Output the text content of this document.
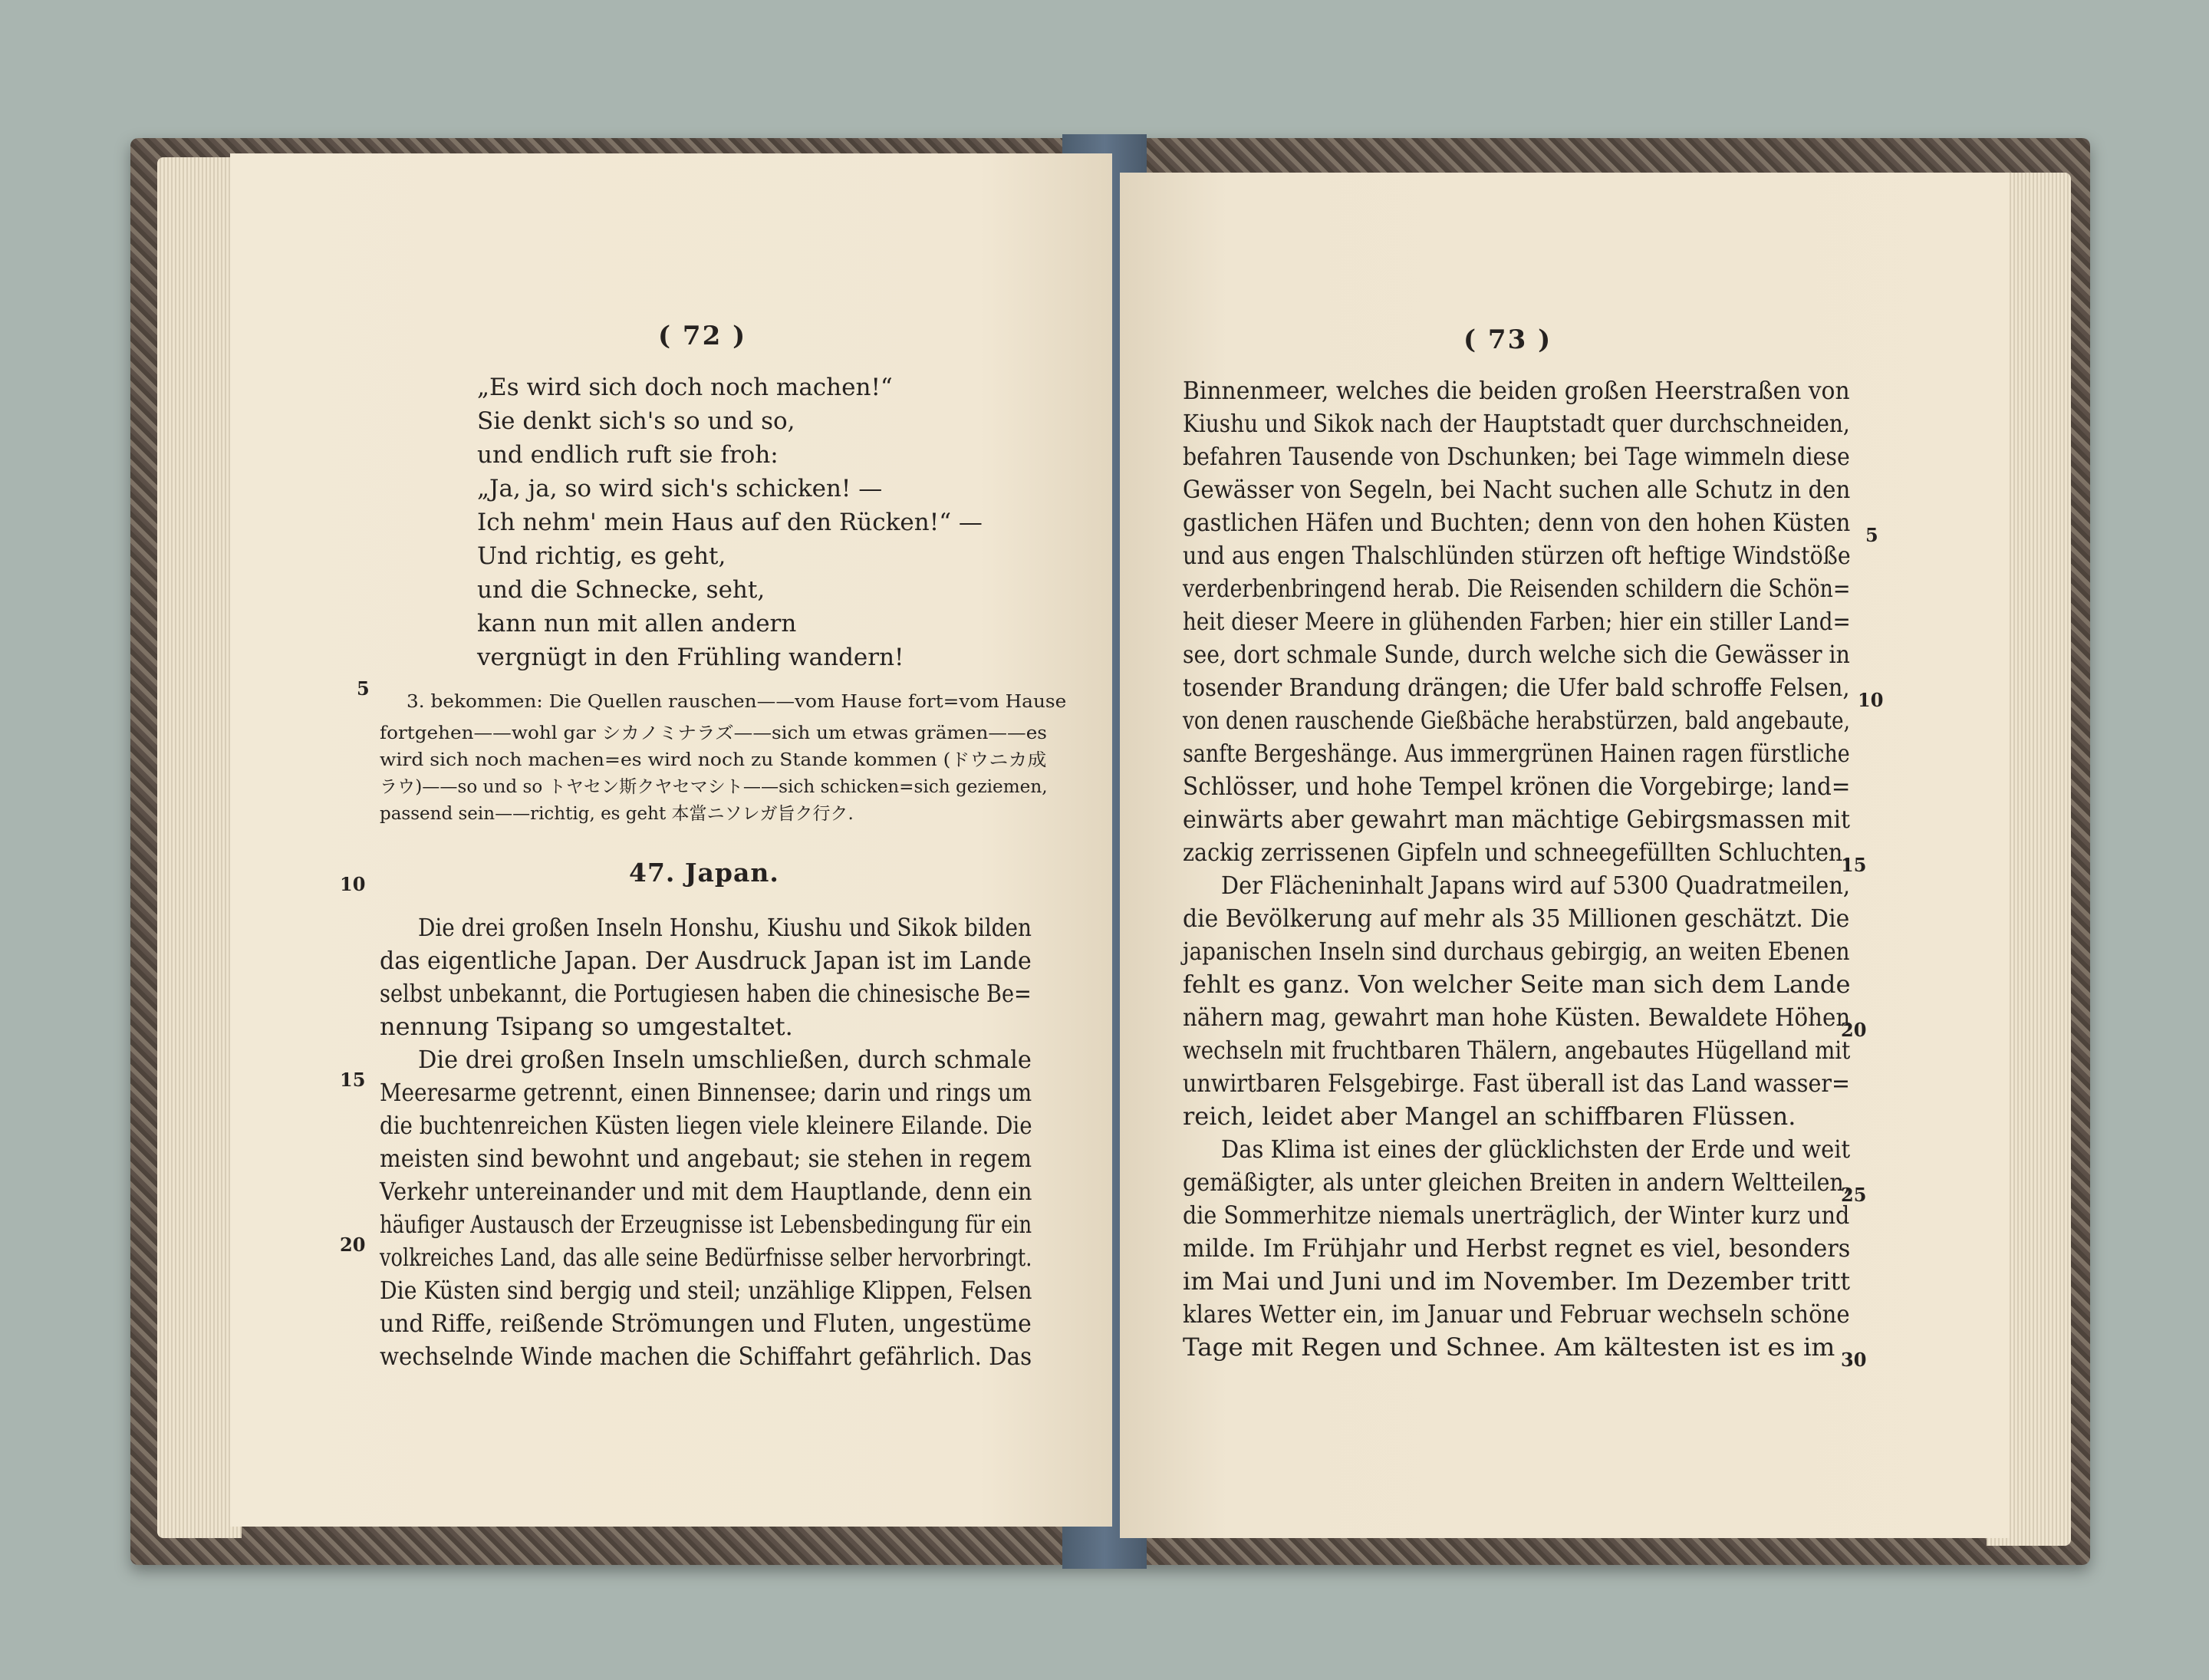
( 72 )
„Es wird sich doch noch machen!“
Sie denkt sich's so und so,
und endlich ruft sie froh:
„Ja, ja, so wird sich's schicken! —
Ich nehm' mein Haus auf den Rücken!“ —
Und richtig, es geht,
und die Schnecke, seht,
kann nun mit allen andern
vergnügt in den Frühling wandern!
3. bekommen: Die Quellen rauschen——vom Hause fort=vom Hause
fortgehen——wohl gar シカノミナラズ——sich um etwas grämen——es
wird sich noch machen=es wird noch zu Stande kommen (ドウニカ成
ラウ)——so und so トヤセン斯クヤセマシト——sich schicken=sich geziemen,
passend sein——richtig, es geht 本當ニソレガ旨ク行ク.
47. Japan.
Die drei großen Inseln Honshu, Kiushu und Sikok bilden
das eigentliche Japan. Der Ausdruck Japan ist im Lande
selbst unbekannt, die Portugiesen haben die chinesische Be=
nennung Tsipang so umgestaltet.
Die drei großen Inseln umschließen, durch schmale
Meeresarme getrennt, einen Binnensee; darin und rings um
die buchtenreichen Küsten liegen viele kleinere Eilande. Die
meisten sind bewohnt und angebaut; sie stehen in regem
Verkehr untereinander und mit dem Hauptlande, denn ein
häufiger Austausch der Erzeugnisse ist Lebensbedingung für ein
volkreiches Land, das alle seine Bedürfnisse selber hervorbringt.
Die Küsten sind bergig und steil; unzählige Klippen, Felsen
und Riffe, reißende Strömungen und Fluten, ungestüme
wechselnde Winde machen die Schiffahrt gefährlich. Das
5
10
15
20
( 73 )
Binnenmeer, welches die beiden großen Heerstraßen von
Kiushu und Sikok nach der Hauptstadt quer durchschneiden,
befahren Tausende von Dschunken; bei Tage wimmeln diese
Gewässer von Segeln, bei Nacht suchen alle Schutz in den
gastlichen Häfen und Buchten; denn von den hohen Küsten
und aus engen Thalschlünden stürzen oft heftige Windstöße
verderbenbringend herab. Die Reisenden schildern die Schön=
heit dieser Meere in glühenden Farben; hier ein stiller Land=
see, dort schmale Sunde, durch welche sich die Gewässer in
tosender Brandung drängen; die Ufer bald schroffe Felsen,
von denen rauschende Gießbäche herabstürzen, bald angebaute,
sanfte Bergeshänge. Aus immergrünen Hainen ragen fürstliche
Schlösser, und hohe Tempel krönen die Vorgebirge; land=
einwärts aber gewahrt man mächtige Gebirgsmassen mit
zackig zerrissenen Gipfeln und schneegefüllten Schluchten.
Der Flächeninhalt Japans wird auf 5300 Quadratmeilen,
die Bevölkerung auf mehr als 35 Millionen geschätzt. Die
japanischen Inseln sind durchaus gebirgig, an weiten Ebenen
fehlt es ganz. Von welcher Seite man sich dem Lande
nähern mag, gewahrt man hohe Küsten. Bewaldete Höhen
wechseln mit fruchtbaren Thälern, angebautes Hügelland mit
unwirtbaren Felsgebirge. Fast überall ist das Land wasser=
reich, leidet aber Mangel an schiffbaren Flüssen.
Das Klima ist eines der glücklichsten der Erde und weit
gemäßigter, als unter gleichen Breiten in andern Weltteilen,
die Sommerhitze niemals unerträglich, der Winter kurz und
milde. Im Frühjahr und Herbst regnet es viel, besonders
im Mai und Juni und im November. Im Dezember tritt
klares Wetter ein, im Januar und Februar wechseln schöne
Tage mit Regen und Schnee. Am kältesten ist es im
5
10
15
20
25
30
